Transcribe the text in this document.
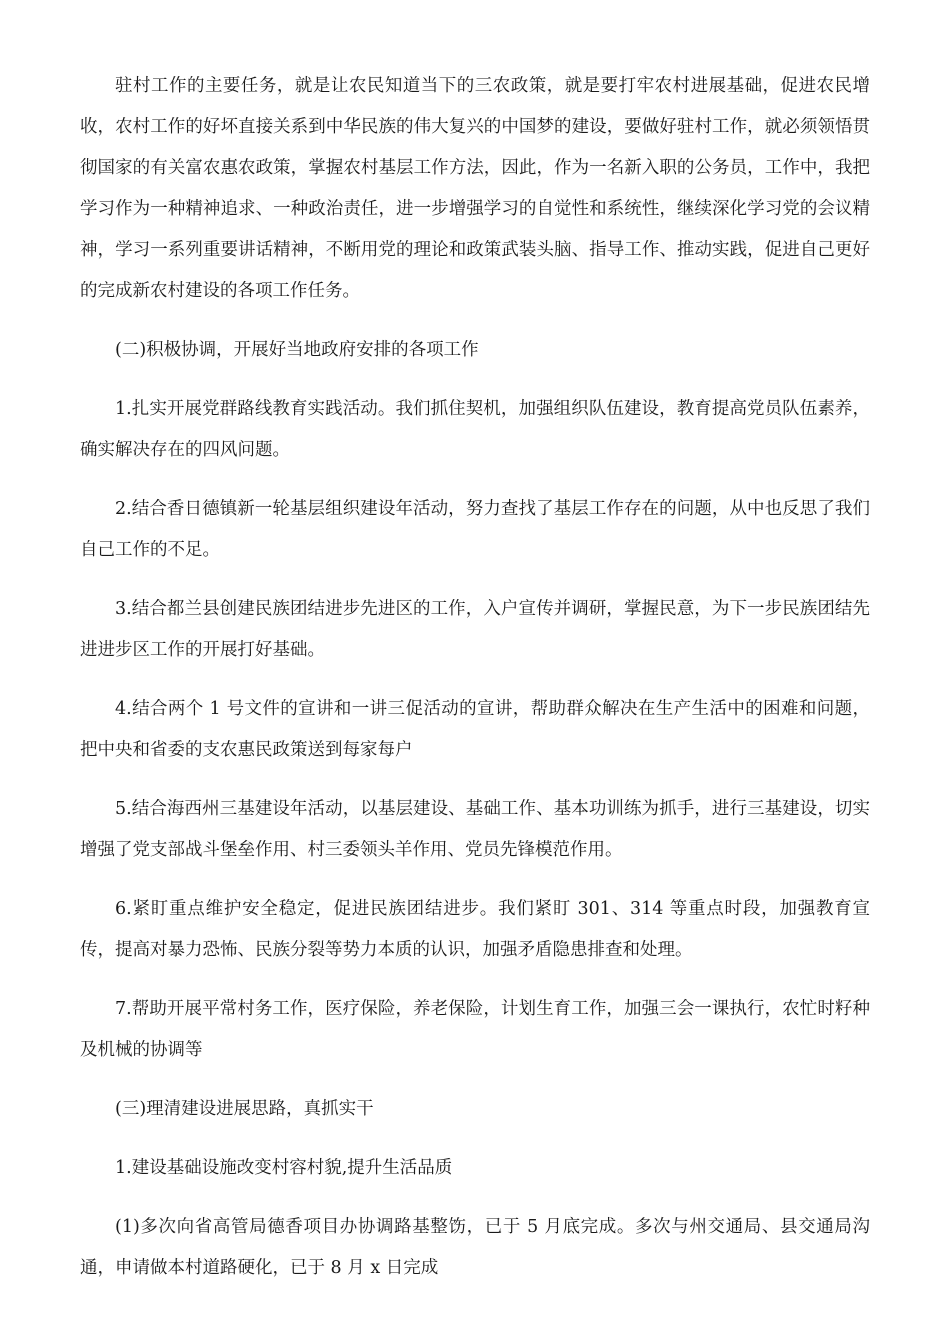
驻村工作的主要任务，就是让农民知道当下的三农政策，就是要打牢农村进展基础，促进农民增收，农村工作的好坏直接关系到中华民族的伟大复兴的中国梦的建设，要做好驻村工作，就必须领悟贯彻国家的有关富农惠农政策，掌握农村基层工作方法，因此，作为一名新入职的公务员，工作中，我把学习作为一种精神追求、一种政治责任，进一步增强学习的自觉性和系统性，继续深化学习党的会议精神，学习一系列重要讲话精神，不断用党的理论和政策武装头脑、指导工作、推动实践，促进自己更好的完成新农村建设的各项工作任务。

(二)积极协调，开展好当地政府安排的各项工作

1.扎实开展党群路线教育实践活动。我们抓住契机，加强组织队伍建设，教育提高党员队伍素养，确实解决存在的四风问题。

2.结合香日德镇新一轮基层组织建设年活动，努力查找了基层工作存在的问题，从中也反思了我们自己工作的不足。

3.结合都兰县创建民族团结进步先进区的工作，入户宣传并调研，掌握民意，为下一步民族团结先进进步区工作的开展打好基础。

4.结合两个 1 号文件的宣讲和一讲三促活动的宣讲，帮助群众解决在生产生活中的困难和问题，把中央和省委的支农惠民政策送到每家每户

5.结合海西州三基建设年活动，以基层建设、基础工作、基本功训练为抓手，进行三基建设，切实增强了党支部战斗堡垒作用、村三委领头羊作用、党员先锋模范作用。

6.紧盯重点维护安全稳定，促进民族团结进步。我们紧盯 301、314 等重点时段，加强教育宣传，提高对暴力恐怖、民族分裂等势力本质的认识，加强矛盾隐患排查和处理。

7.帮助开展平常村务工作，医疗保险，养老保险，计划生育工作，加强三会一课执行，农忙时籽种及机械的协调等

(三)理清建设进展思路，真抓实干

1.建设基础设施改变村容村貌,提升生活品质

(1)多次向省高管局德香项目办协调路基整饬，已于 5 月底完成。多次与州交通局、县交通局沟通，申请做本村道路硬化，已于 8 月 x 日完成
